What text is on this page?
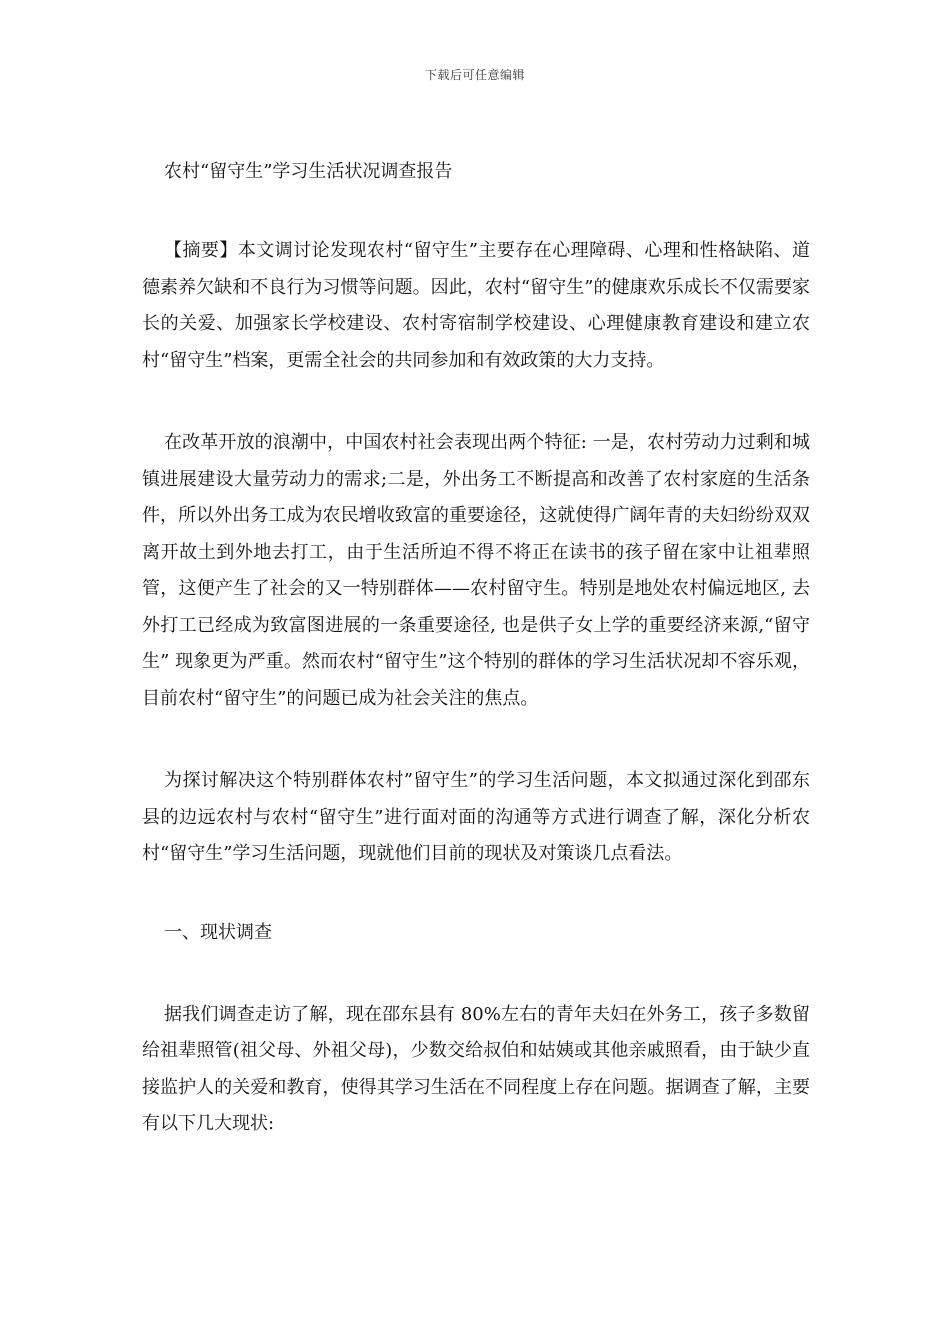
下载后可任意编辑
农村“留守生”学习生活状况调查报告

【摘要】本文调讨论发现农村“留守生”主要存在心理障碍、心理和性格缺陷、道德素养欠缺和不良行为习惯等问题。因此，农村“留守生”的健康欢乐成长不仅需要家长的关爱、加强家长学校建设、农村寄宿制学校建设、心理健康教育建设和建立农村“留守生”档案，更需全社会的共同参加和有效政策的大力支持。

在改革开放的浪潮中，中国农村社会表现出两个特征: 一是，农村劳动力过剩和城镇进展建设大量劳动力的需求;二是，外出务工不断提高和改善了农村家庭的生活条件，所以外出务工成为农民增收致富的重要途径，这就使得广阔年青的夫妇纷纷双双离开故土到外地去打工，由于生活所迫不得不将正在读书的孩子留在家中让祖辈照管，这便产生了社会的又一特别群体——农村留守生。特别是地处农村偏远地区, 去外打工已经成为致富图进展的一条重要途径, 也是供子女上学的重要经济来源,“留守生” 现象更为严重。然而农村“留守生”这个特别的群体的学习生活状况却不容乐观，目前农村“留守生”的问题已成为社会关注的焦点。

为探讨解决这个特别群体农村”留守生”的学习生活问题，本文拟通过深化到邵东县的边远农村与农村“留守生”进行面对面的沟通等方式进行调查了解，深化分析农村“留守生”学习生活问题，现就他们目前的现状及对策谈几点看法。

一、现状调查

据我们调查走访了解，现在邵东县有 80%左右的青年夫妇在外务工，孩子多数留给祖辈照管(祖父母、外祖父母)，少数交给叔伯和姑姨或其他亲戚照看，由于缺少直接监护人的关爱和教育，使得其学习生活在不同程度上存在问题。据调查了解，主要有以下几大现状:
